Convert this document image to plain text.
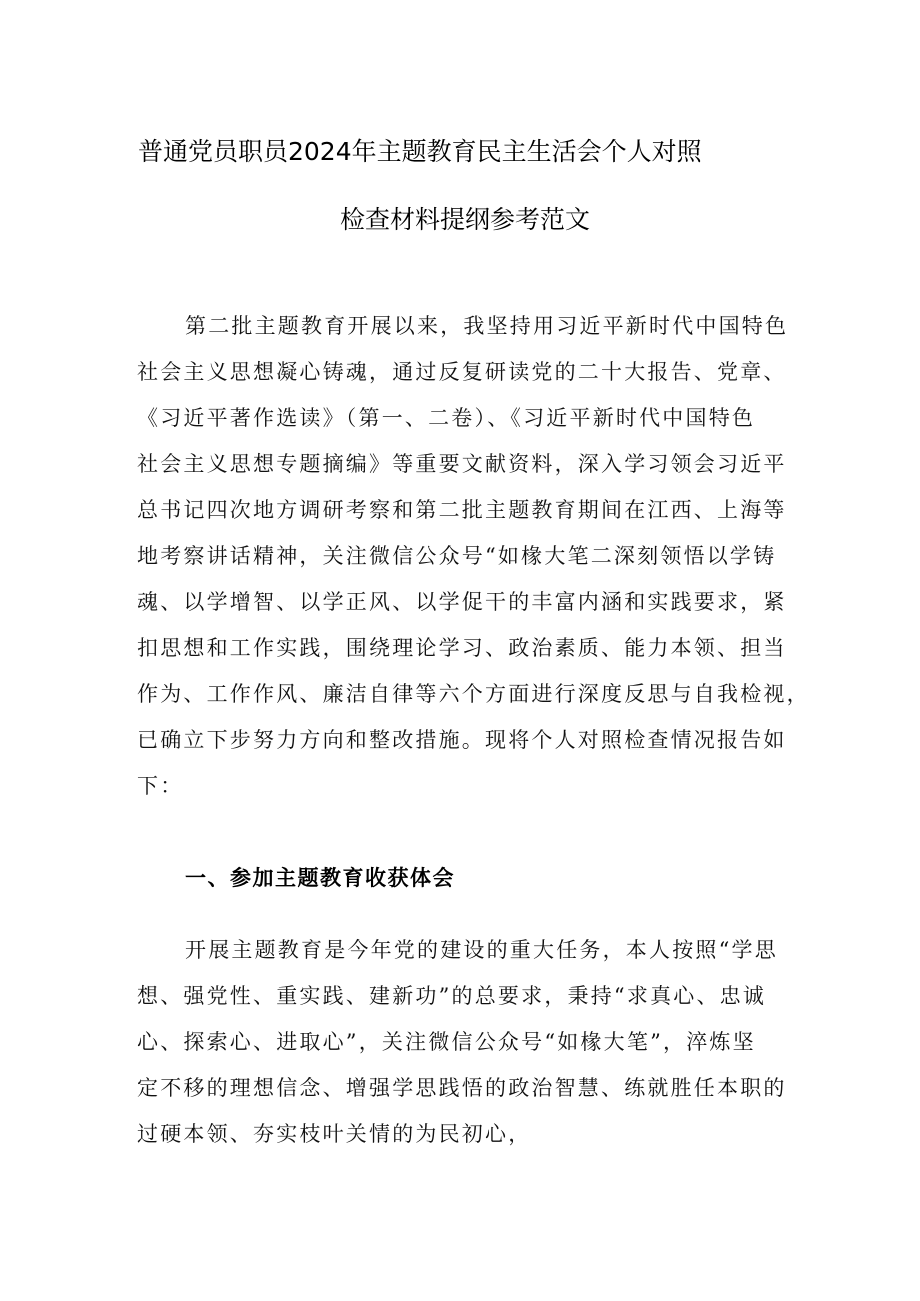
普通党员职员2024年主题教育民主生活会个人对照
检查材料提纲参考范文
第二批主题教育开展以来，我坚持用习近平新时代中国特色
社会主义思想凝心铸魂，通过反复研读党的二十大报告、党章、
《习近平著作选读》（第一、二卷）、《习近平新时代中国特色
社会主义思想专题摘编》等重要文献资料，深入学习领会习近平
总书记四次地方调研考察和第二批主题教育期间在江西、上海等
地考察讲话精神，关注微信公众号“如椽大笔二深刻领悟以学铸
魂、以学增智、以学正风、以学促干的丰富内涵和实践要求，紧
扣思想和工作实践，围绕理论学习、政治素质、能力本领、担当
作为、工作作风、廉洁自律等六个方面进行深度反思与自我检视，
已确立下步努力方向和整改措施。现将个人对照检查情况报告如
下：
一、参加主题教育收获体会
开展主题教育是今年党的建设的重大任务，本人按照“学思
想、强党性、重实践、建新功”的总要求，秉持“求真心、忠诚
心、探索心、进取心”，关注微信公众号“如椽大笔”，淬炼坚
定不移的理想信念、增强学思践悟的政治智慧、练就胜任本职的
过硬本领、夯实枝叶关情的为民初心，
